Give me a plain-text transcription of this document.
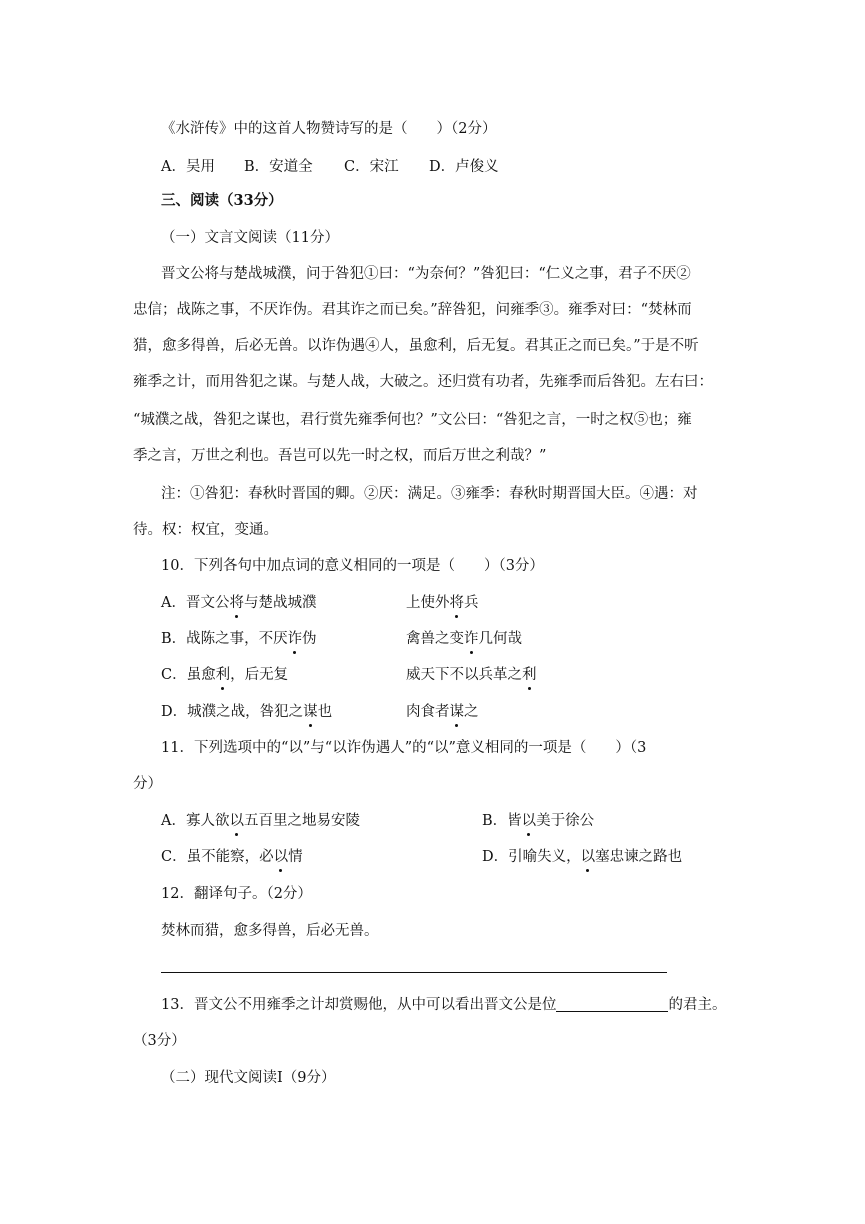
《水浒传》中的这首人物赞诗写的是（　　）（2分）
A．吴用 B．安道全 C．宋江 D．卢俊义
三、阅读（33分）
（一）文言文阅读（11分）
晋文公将与楚战城濮，问于咎犯①曰：“为奈何？”咎犯曰：“仁义之事，君子不厌②
忠信；战陈之事，不厌诈伪。君其诈之而已矣。”辞咎犯，问雍季③。雍季对曰：“焚林而
猎，愈多得兽，后必无兽。以诈伪遇④人，虽愈利，后无复。君其正之而已矣。”于是不听
雍季之计，而用咎犯之谋。与楚人战，大破之。还归赏有功者，先雍季而后咎犯。左右曰：
“城濮之战，咎犯之谋也，君行赏先雍季何也？”文公曰：“咎犯之言，一时之权⑤也；雍
季之言，万世之利也。吾岂可以先一时之权，而后万世之利哉？”
注：①咎犯：春秋时晋国的卿。②厌：满足。③雍季：春秋时期晋国大臣。④遇：对
待。权：权宜，变通。
10．下列各句中加点词的意义相同的一项是（　　）（3分）
A．晋文公将与楚战城濮	上使外将兵
B．战陈之事，不厌诈伪	禽兽之变诈几何哉
C．虽愈利，后无复	威天下不以兵革之利
D．城濮之战，咎犯之谋也	肉食者谋之
11．下列选项中的“以”与“以诈伪遇人”的“以”意义相同的一项是（　　）（3
分）
A．寡人欲以五百里之地易安陵	B．皆以美于徐公
C．虽不能察，必以情	D．引喻失义，以塞忠谏之路也
12．翻译句子。（2分）
焚林而猎，愈多得兽，后必无兽。
13．晋文公不用雍季之计却赏赐他，从中可以看出晋文公是位	的君主。
（3分）
（二）现代文阅读Ⅰ（9分）
